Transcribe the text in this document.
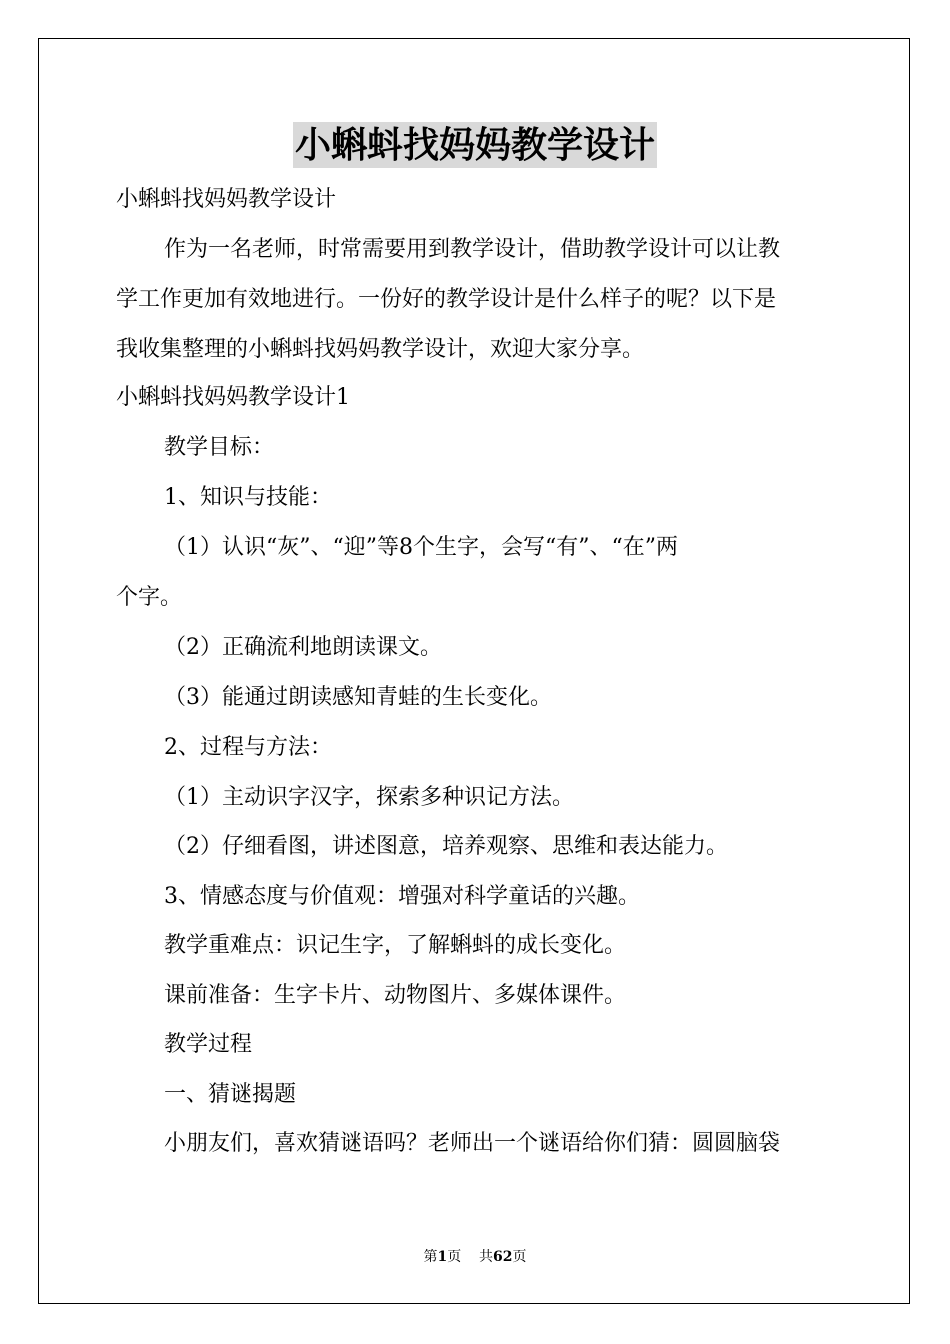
小蝌蚪找妈妈教学设计
小蝌蚪找妈妈教学设计
作为一名老师，时常需要用到教学设计，借助教学设计可以让教
学工作更加有效地进行。一份好的教学设计是什么样子的呢？以下是
我收集整理的小蝌蚪找妈妈教学设计，欢迎大家分享。
小蝌蚪找妈妈教学设计1
教学目标：
1、知识与技能：
（1）认识“灰”、“迎”等8个生字，会写“有”、“在”两
个字。
（2）正确流利地朗读课文。
（3）能通过朗读感知青蛙的生长变化。
2、过程与方法：
（1）主动识字汉字，探索多种识记方法。
（2）仔细看图，讲述图意，培养观察、思维和表达能力。
3、情感态度与价值观：增强对科学童话的兴趣。
教学重难点：识记生字，了解蝌蚪的成长变化。
课前准备：生字卡片、动物图片、多媒体课件。
教学过程
一、猜谜揭题
小朋友们，喜欢猜谜语吗？老师出一个谜语给你们猜：圆圆脑袋
第1页 共62页
